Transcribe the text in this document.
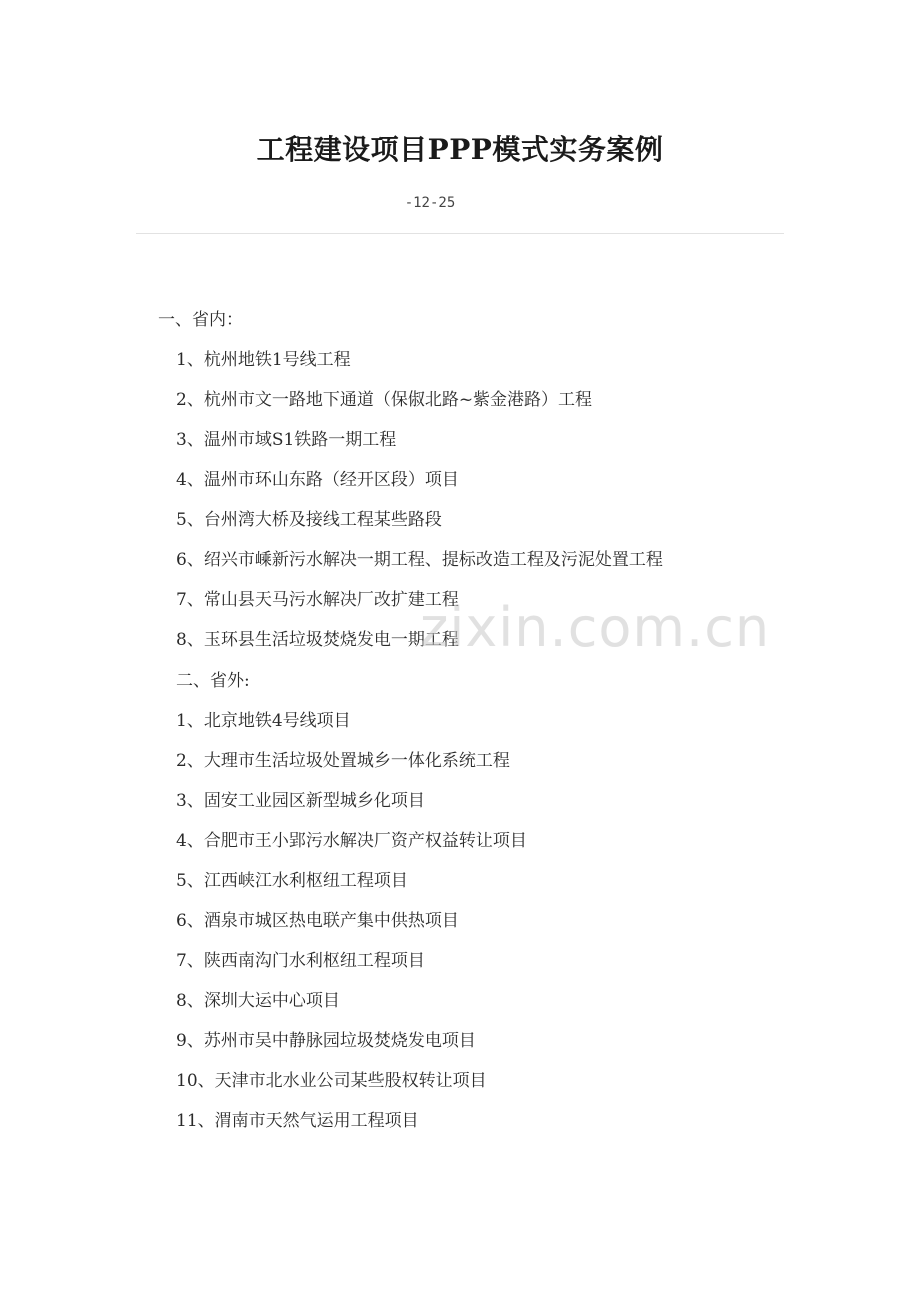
工程建设项目PPP模式实务案例
-12-25
一、省内：
1、杭州地铁1号线工程
2、杭州市文一路地下通道（保俶北路~紫金港路）工程
3、温州市域S1铁路一期工程
4、温州市环山东路（经开区段）项目
5、台州湾大桥及接线工程某些路段
6、绍兴市嵊新污水解决一期工程、提标改造工程及污泥处置工程
7、常山县天马污水解决厂改扩建工程
8、玉环县生活垃圾焚烧发电一期工程
二、省外:
1、北京地铁4号线项目
2、大理市生活垃圾处置城乡一体化系统工程
3、固安工业园区新型城乡化项目
4、合肥市王小郢污水解决厂资产权益转让项目
5、江西峡江水利枢纽工程项目
6、酒泉市城区热电联产集中供热项目
7、陕西南沟门水利枢纽工程项目
8、深圳大运中心项目
9、苏州市吴中静脉园垃圾焚烧发电项目
10、天津市北水业公司某些股权转让项目
11、渭南市天然气运用工程项目
zixin.com.cn
